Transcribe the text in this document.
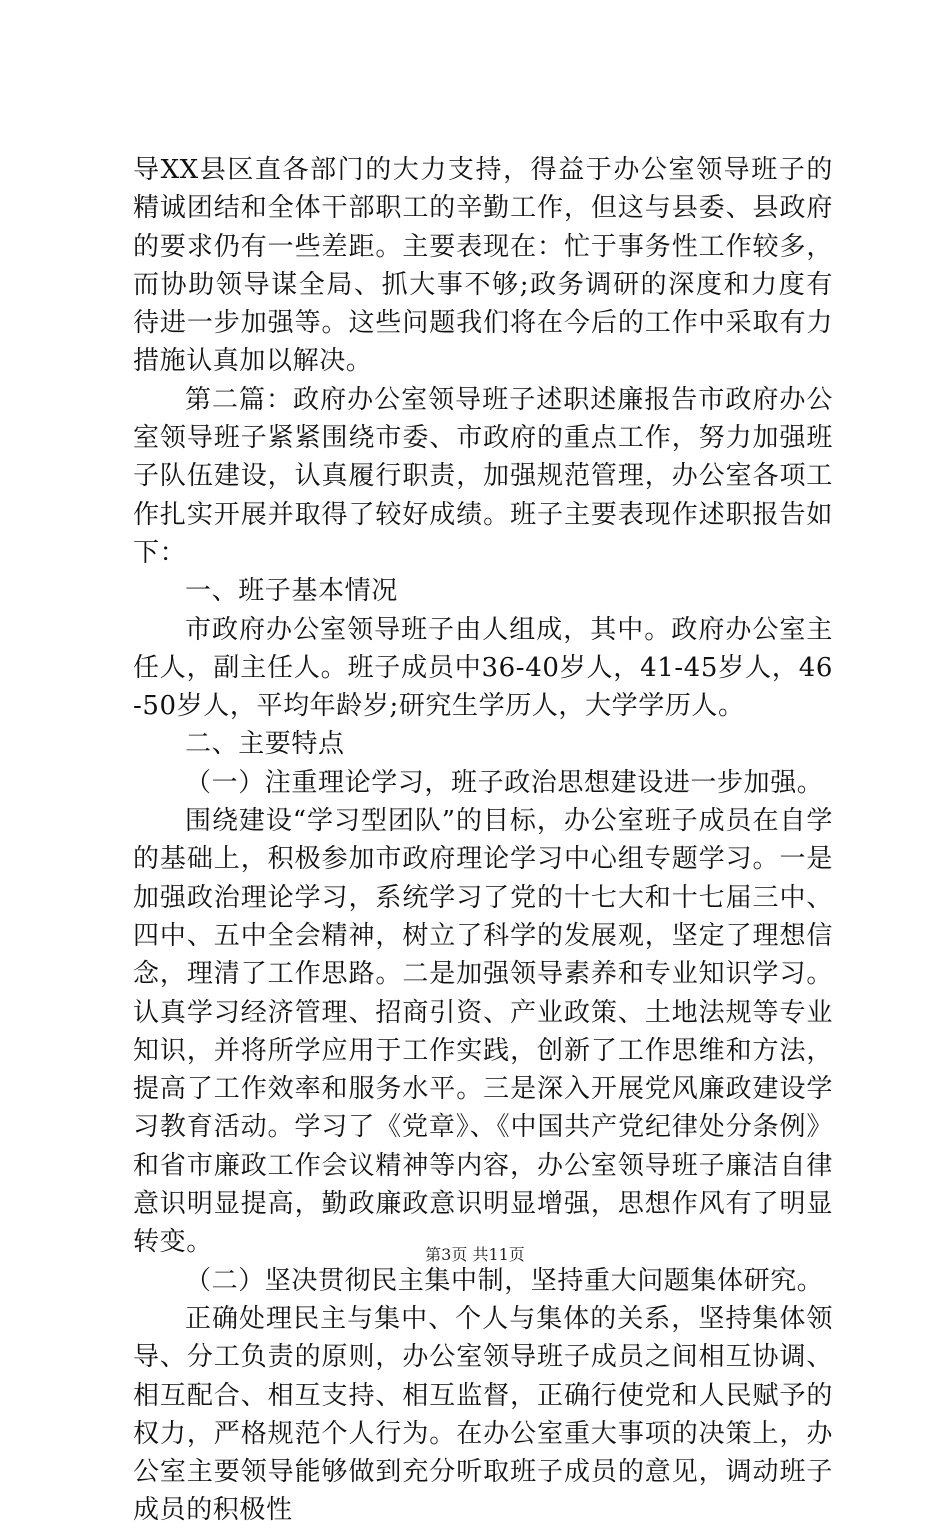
导XX县区直各部门的大力支持，得益于办公室领导班子的精诚团结和全体干部职工的辛勤工作，但这与县委、县政府的要求仍有一些差距。主要表现在：忙于事务性工作较多，而协助领导谋全局、抓大事不够;政务调研的深度和力度有待进一步加强等。这些问题我们将在今后的工作中采取有力措施认真加以解决。

第二篇：政府办公室领导班子述职述廉报告市政府办公室领导班子紧紧围绕市委、市政府的重点工作，努力加强班子队伍建设，认真履行职责，加强规范管理，办公室各项工作扎实开展并取得了较好成绩。班子主要表现作述职报告如下：

一、班子基本情况

市政府办公室领导班子由人组成，其中。政府办公室主任人，副主任人。班子成员中36-40岁人，41-45岁人，46-50岁人，平均年龄岁;研究生学历人，大学学历人。

二、主要特点

（一）注重理论学习，班子政治思想建设进一步加强。

围绕建设“学习型团队”的目标，办公室班子成员在自学的基础上，积极参加市政府理论学习中心组专题学习。一是加强政治理论学习，系统学习了党的十七大和十七届三中、四中、五中全会精神，树立了科学的发展观，坚定了理想信念，理清了工作思路。二是加强领导素养和专业知识学习。认真学习经济管理、招商引资、产业政策、土地法规等专业知识，并将所学应用于工作实践，创新了工作思维和方法，提高了工作效率和服务水平。三是深入开展党风廉政建设学习教育活动。学习了《党章》、《中国共产党纪律处分条例》和省市廉政工作会议精神等内容，办公室领导班子廉洁自律意识明显提高，勤政廉政意识明显增强，思想作风有了明显转变。

（二）坚决贯彻民主集中制，坚持重大问题集体研究。

正确处理民主与集中、个人与集体的关系，坚持集体领导、分工负责的原则，办公室领导班子成员之间相互协调、相互配合、相互支持、相互监督，正确行使党和人民赋予的权力，严格规范个人行为。在办公室重大事项的决策上，办公室主要领导能够做到充分听取班子成员的意见，调动班子成员的积极性

第3页 共11页
